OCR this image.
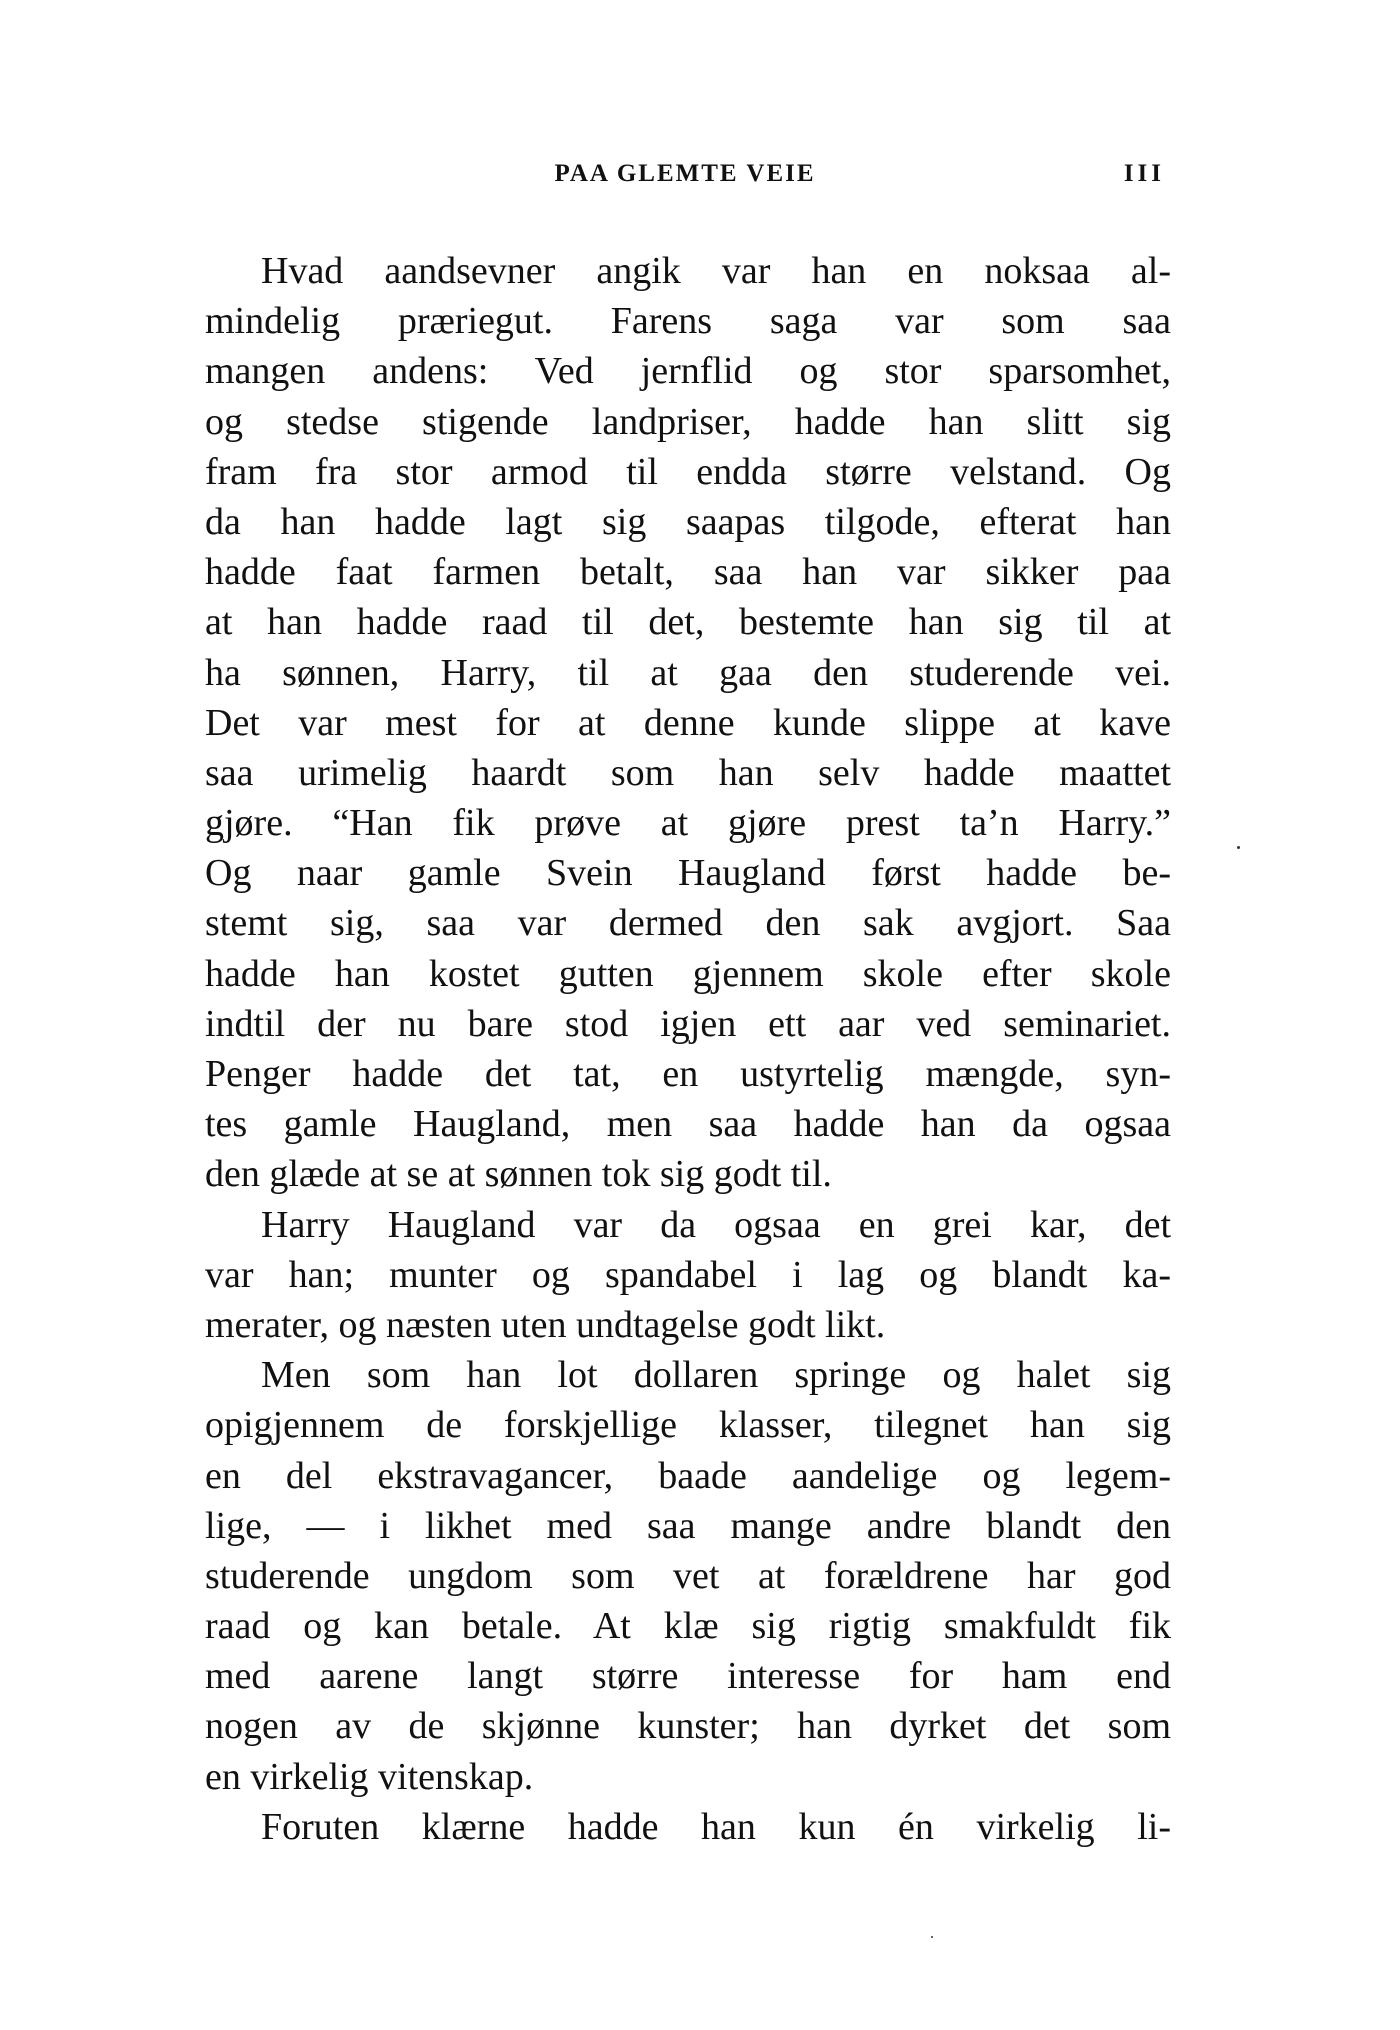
PAA GLEMTE VEIE	III
Hvad aandsevner angik var han en noksaa al-
mindelig præriegut. Farens saga var som saa
mangen andens: Ved jernflid og stor sparsomhet,
og stedse stigende landpriser, hadde han slitt sig
fram fra stor armod til endda større velstand. Og
da han hadde lagt sig saapas tilgode, efterat han
hadde faat farmen betalt, saa han var sikker paa
at han hadde raad til det, bestemte han sig til at
ha sønnen, Harry, til at gaa den studerende vei.
Det var mest for at denne kunde slippe at kave
saa urimelig haardt som han selv hadde maattet
gjøre. “Han fik prøve at gjøre prest ta’n Harry.”
Og naar gamle Svein Haugland først hadde be-
stemt sig, saa var dermed den sak avgjort. Saa
hadde han kostet gutten gjennem skole efter skole
indtil der nu bare stod igjen ett aar ved seminariet.
Penger hadde det tat, en ustyrtelig mængde, syn-
tes gamle Haugland, men saa hadde han da ogsaa
den glæde at se at sønnen tok sig godt til.
Harry Haugland var da ogsaa en grei kar, det
var han; munter og spandabel i lag og blandt ka-
merater, og næsten uten undtagelse godt likt.
Men som han lot dollaren springe og halet sig
opigjennem de forskjellige klasser, tilegnet han sig
en del ekstravagancer, baade aandelige og legem-
lige, — i likhet med saa mange andre blandt den
studerende ungdom som vet at forældrene har god
raad og kan betale. At klæ sig rigtig smakfuldt fik
med aarene langt større interesse for ham end
nogen av de skjønne kunster; han dyrket det som
en virkelig vitenskap.
Foruten klærne hadde han kun én virkelig li-
